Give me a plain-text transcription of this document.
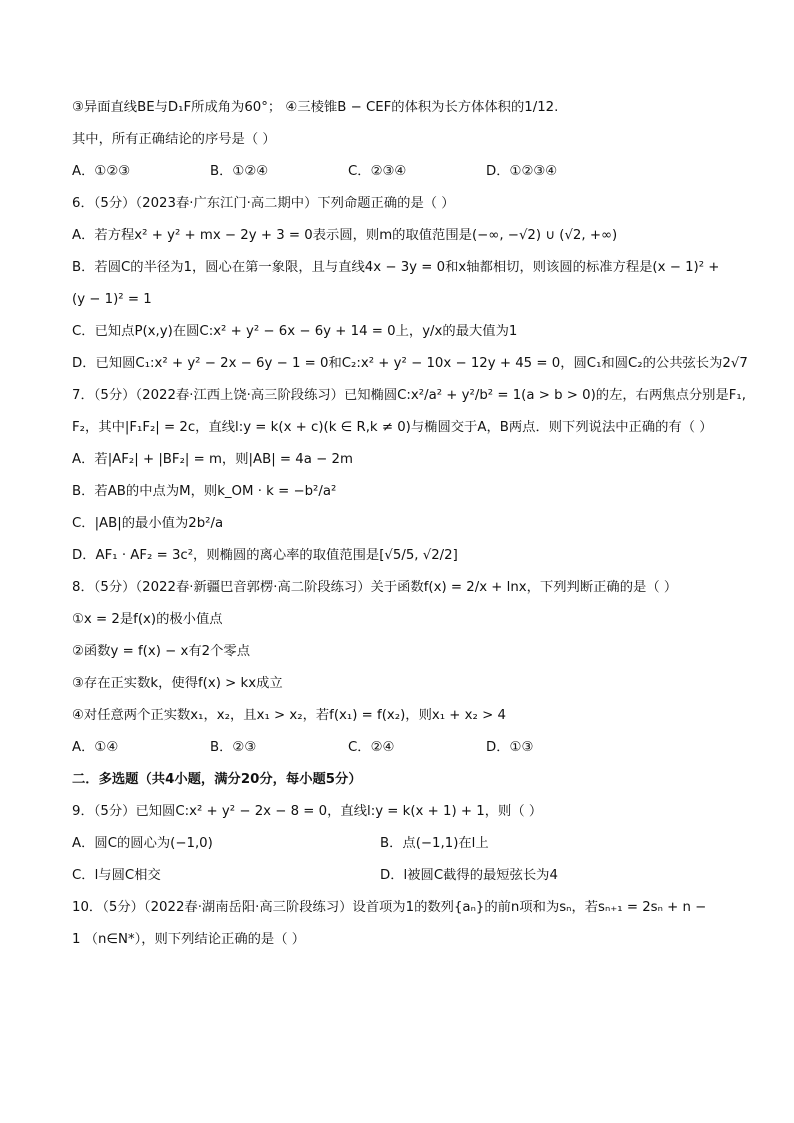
③异面直线BE与D₁F所成角为60°； ④三棱锥B − CEF的体积为长方体体积的1/12.
其中，所有正确结论的序号是（ ）
A．①②③	B．①②④	C．②③④	D．①②③④
6．（5分）（2023春·广东江门·高二期中）下列命题正确的是（ ）
A．若方程x² + y² + mx − 2y + 3 = 0表示圆，则m的取值范围是(−∞, −√2) ∪ (√2, +∞)
B．若圆C的半径为1，圆心在第一象限，且与直线4x − 3y = 0和x轴都相切，则该圆的标准方程是(x − 1)² +
(y − 1)² = 1
C．已知点P(x,y)在圆C:x² + y² − 6x − 6y + 14 = 0上，y/x的最大值为1
D．已知圆C₁:x² + y² − 2x − 6y − 1 = 0和C₂:x² + y² − 10x − 12y + 45 = 0，圆C₁和圆C₂的公共弦长为2√7
7．（5分）（2022春·江西上饶·高三阶段练习）已知椭圆C:x²/a² + y²/b² = 1(a > b > 0)的左，右两焦点分别是F₁,
F₂，其中|F₁F₂| = 2c，直线l:y = k(x + c)(k ∈ R,k ≠ 0)与椭圆交于A，B两点．则下列说法中正确的有（ ）
A．若|AF₂| + |BF₂| = m，则|AB| = 4a − 2m
B．若AB的中点为M，则k_OM · k = −b²/a²
C．|AB|的最小值为2b²/a
D．AF₁ · AF₂ = 3c²，则椭圆的离心率的取值范围是[√5/5, √2/2]
8．（5分）（2022春·新疆巴音郭楞·高二阶段练习）关于函数f(x) = 2/x + lnx，下列判断正确的是（ ）
①x = 2是f(x)的极小值点
②函数y = f(x) − x有2个零点
③存在正实数k，使得f(x) > kx成立
④对任意两个正实数x₁，x₂，且x₁ > x₂，若f(x₁) = f(x₂)，则x₁ + x₂ > 4
A．①④	B．②③	C．②④	D．①③
二．多选题（共4小题，满分20分，每小题5分）
9．（5分）已知圆C:x² + y² − 2x − 8 = 0，直线l:y = k(x + 1) + 1，则（ ）
A．圆C的圆心为(−1,0)	B．点(−1,1)在l上
C．l与圆C相交	D．l被圆C截得的最短弦长为4
10．（5分）（2022春·湖南岳阳·高三阶段练习）设首项为1的数列{aₙ}的前n项和为sₙ，若sₙ₊₁ = 2sₙ + n −
1 （n∈N*），则下列结论正确的是（ ）
